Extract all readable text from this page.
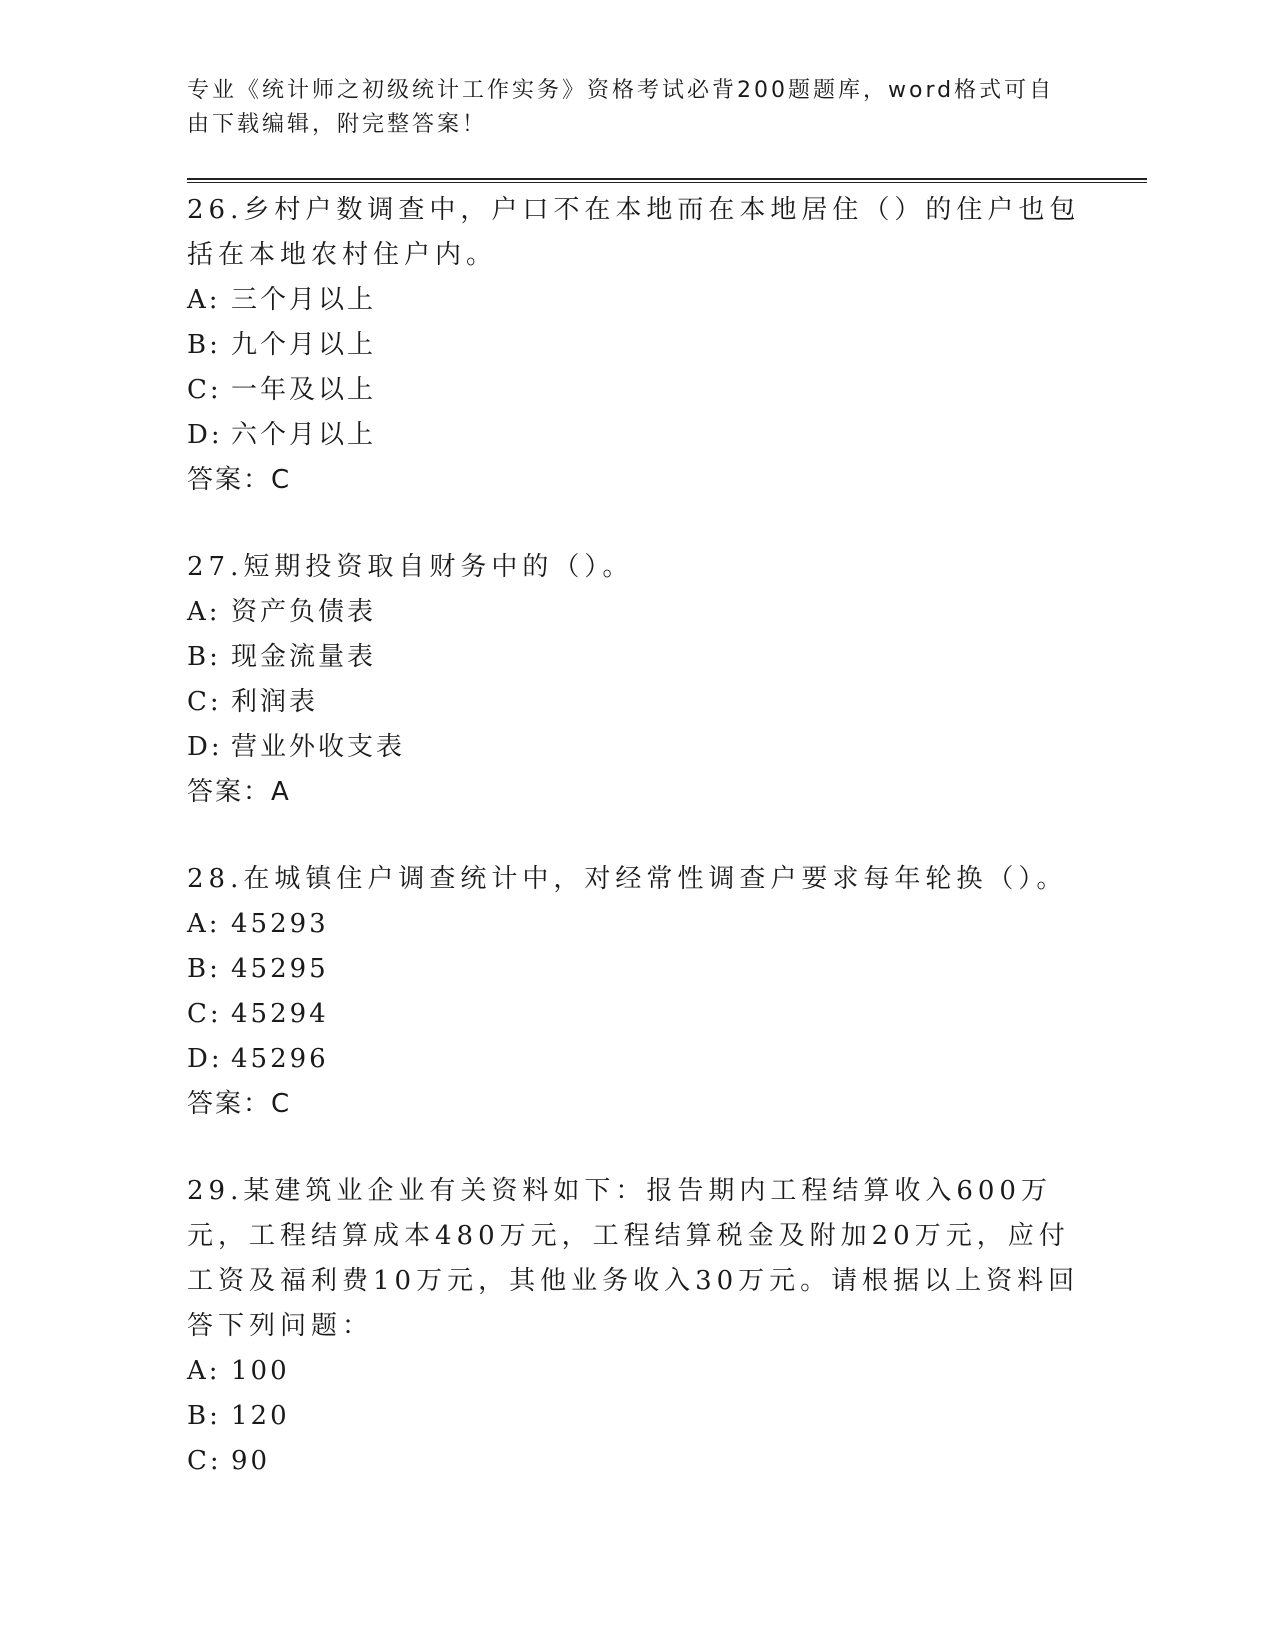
专业《统计师之初级统计工作实务》资格考试必背200题题库，word格式可自由下载编辑，附完整答案！

26.乡村户数调查中，户口不在本地而在本地居住（）的住户也包括在本地农村住户内。

A: 三个月以上

B: 九个月以上

C: 一年及以上

D: 六个月以上

答案：C

27.短期投资取自财务中的（）。

A: 资产负债表

B: 现金流量表

C: 利润表

D: 营业外收支表

答案：A

28.在城镇住户调查统计中，对经常性调查户要求每年轮换（）。

A: 45293

B: 45295

C: 45294

D: 45296

答案：C

29.某建筑业企业有关资料如下：报告期内工程结算收入600万元，工程结算成本480万元，工程结算税金及附加20万元，应付工资及福利费10万元，其他业务收入30万元。请根据以上资料回答下列问题：

A: 100

B: 120

C: 90
